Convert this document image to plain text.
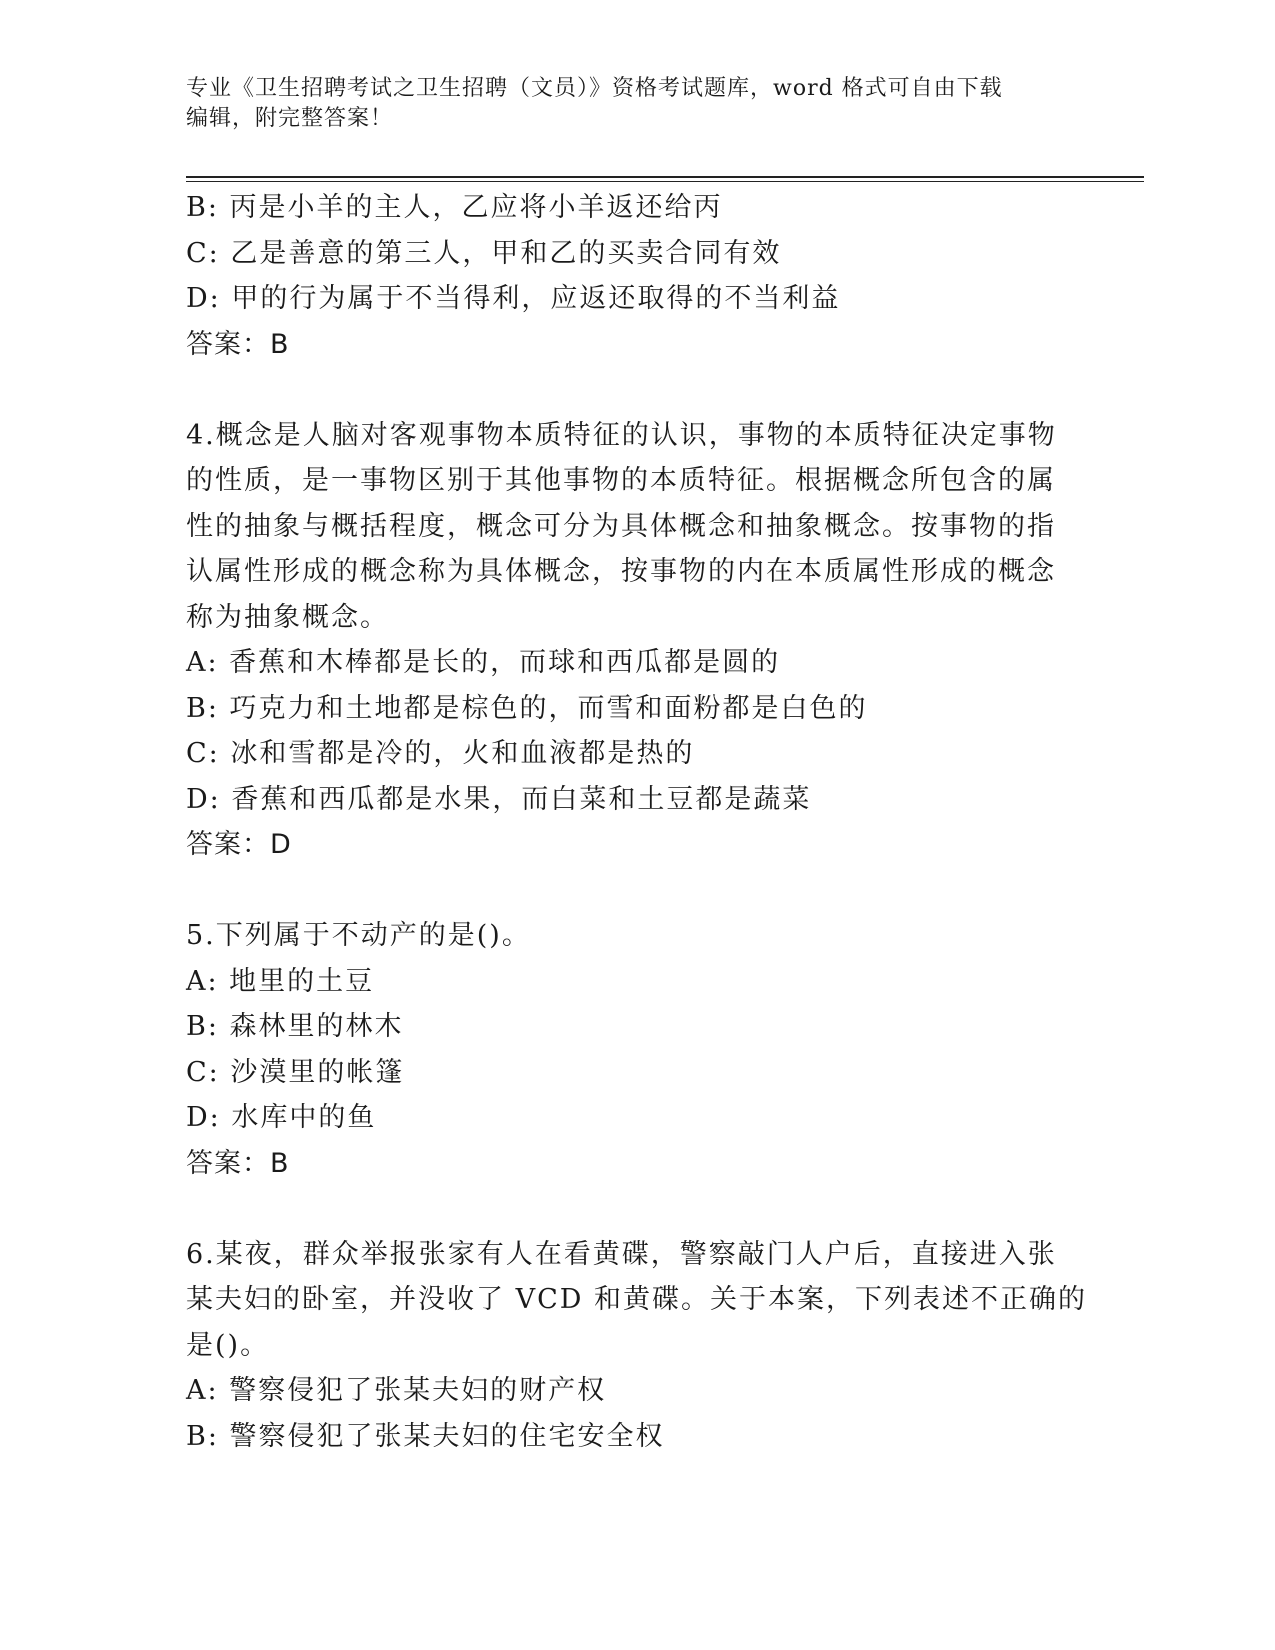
专业《卫生招聘考试之卫生招聘（文员）》资格考试题库，word 格式可自由下载
编辑，附完整答案！
B: 丙是小羊的主人，乙应将小羊返还给丙
C: 乙是善意的第三人，甲和乙的买卖合同有效
D: 甲的行为属于不当得利，应返还取得的不当利益
答案：B
4.概念是人脑对客观事物本质特征的认识，事物的本质特征决定事物
的性质，是一事物区别于其他事物的本质特征。根据概念所包含的属
性的抽象与概括程度，概念可分为具体概念和抽象概念。按事物的指
认属性形成的概念称为具体概念，按事物的内在本质属性形成的概念
称为抽象概念。
A: 香蕉和木棒都是长的，而球和西瓜都是圆的
B: 巧克力和土地都是棕色的，而雪和面粉都是白色的
C: 冰和雪都是冷的，火和血液都是热的
D: 香蕉和西瓜都是水果，而白菜和土豆都是蔬菜
答案：D
5.下列属于不动产的是()。
A: 地里的土豆
B: 森林里的林木
C: 沙漠里的帐篷
D: 水库中的鱼
答案：B
6.某夜，群众举报张家有人在看黄碟，警察敲门人户后，直接进入张
某夫妇的卧室，并没收了 VCD 和黄碟。关于本案，下列表述不正确的
是()。
A: 警察侵犯了张某夫妇的财产权
B: 警察侵犯了张某夫妇的住宅安全权
